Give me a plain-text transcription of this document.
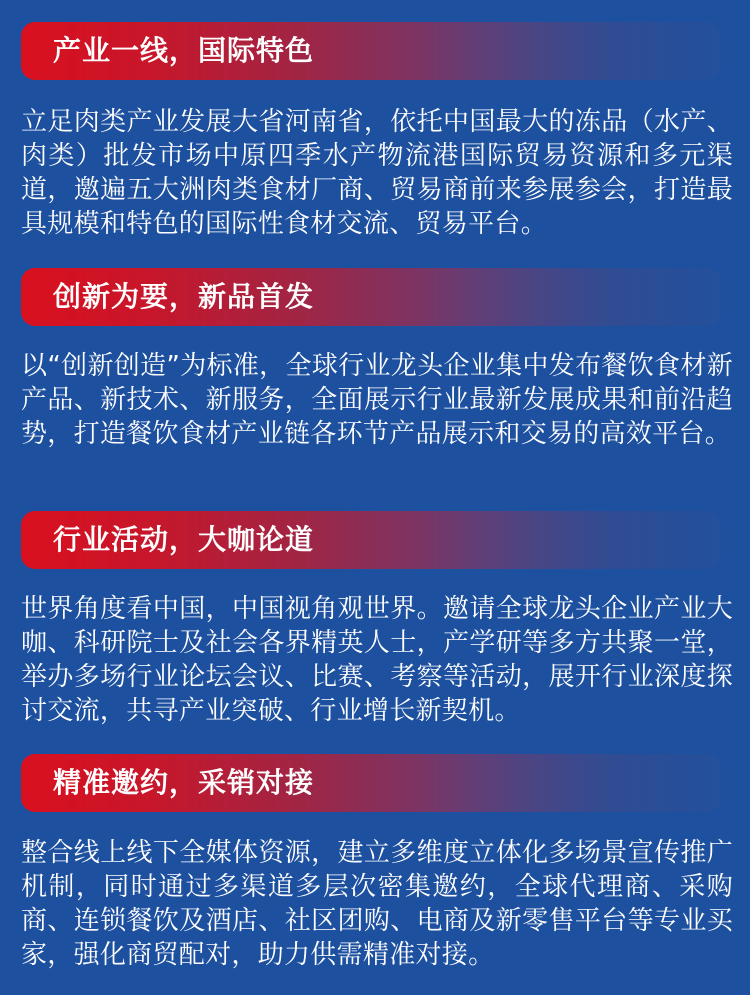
产业一线，国际特色
立足肉类产业发展大省河南省，依托中国最大的冻品（水产、肉类）批发市场中原四季水产物流港国际贸易资源和多元渠道，邀遍五大洲肉类食材厂商、贸易商前来参展参会，打造最具规模和特色的国际性食材交流、贸易平台。
创新为要，新品首发
以“创新创造”为标准，全球行业龙头企业集中发布餐饮食材新产品、新技术、新服务，全面展示行业最新发展成果和前沿趋势，打造餐饮食材产业链各环节产品展示和交易的高效平台。
行业活动，大咖论道
世界角度看中国，中国视角观世界。邀请全球龙头企业产业大咖、科研院士及社会各界精英人士，产学研等多方共聚一堂，举办多场行业论坛会议、比赛、考察等活动，展开行业深度探讨交流，共寻产业突破、行业增长新契机。
精准邀约，采销对接
整合线上线下全媒体资源，建立多维度立体化多场景宣传推广机制，同时通过多渠道多层次密集邀约，全球代理商、采购商、连锁餐饮及酒店、社区团购、电商及新零售平台等专业买家，强化商贸配对，助力供需精准对接。
